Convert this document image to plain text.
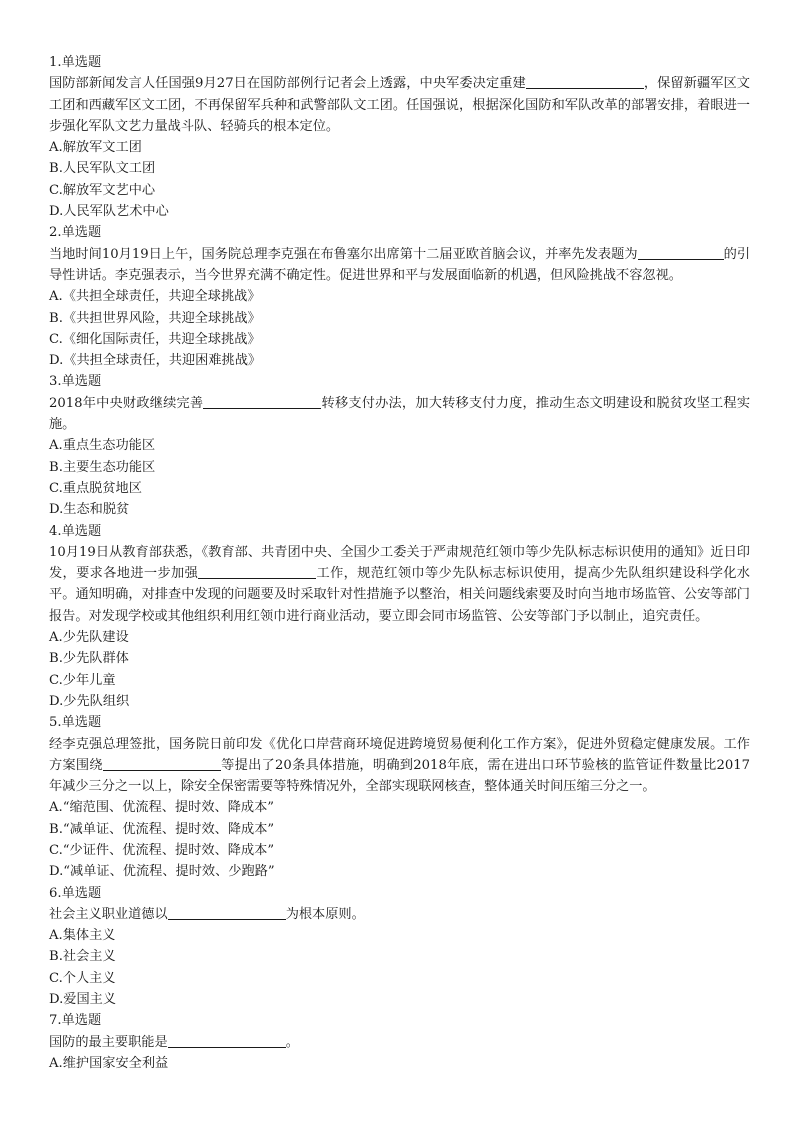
1.单选题

国防部新闻发言人任国强9月27日在国防部例行记者会上透露，中央军委决定重建	，保留新疆军区文工团和西藏军区文工团，不再保留军兵种和武警部队文工团。任国强说，根据深化国防和军队改革的部署安排，着眼进一步强化军队文艺力量战斗队、轻骑兵的根本定位。

A.解放军文工团

B.人民军队文工团

C.解放军文艺中心

D.人民军队艺术中心

2.单选题

当地时间10月19日上午，国务院总理李克强在布鲁塞尔出席第十二届亚欧首脑会议，并率先发表题为	的引导性讲话。李克强表示，当今世界充满不确定性。促进世界和平与发展面临新的机遇，但风险挑战不容忽视。

A.《共担全球责任，共迎全球挑战》

B.《共担世界风险，共迎全球挑战》

C.《细化国际责任，共迎全球挑战》

D.《共担全球责任，共迎困难挑战》

3.单选题

2018年中央财政继续完善	转移支付办法，加大转移支付力度，推动生态文明建设和脱贫攻坚工程实施。

A.重点生态功能区

B.主要生态功能区

C.重点脱贫地区

D.生态和脱贫

4.单选题

10月19日从教育部获悉，《教育部、共青团中央、全国少工委关于严肃规范红领巾等少先队标志标识使用的通知》近日印发，要求各地进一步加强	工作，规范红领巾等少先队标志标识使用，提高少先队组织建设科学化水平。通知明确，对排查中发现的问题要及时采取针对性措施予以整治，相关问题线索要及时向当地市场监管、公安等部门报告。对发现学校或其他组织利用红领巾进行商业活动，要立即会同市场监管、公安等部门予以制止，追究责任。

A.少先队建设

B.少先队群体

C.少年儿童

D.少先队组织

5.单选题

经李克强总理签批，国务院日前印发《优化口岸营商环境促进跨境贸易便利化工作方案》，促进外贸稳定健康发展。工作方案围绕	等提出了20条具体措施，明确到2018年底，需在进出口环节验核的监管证件数量比2017年减少三分之一以上，除安全保密需要等特殊情况外，全部实现联网核查，整体通关时间压缩三分之一。

A.“缩范围、优流程、提时效、降成本”

B.“减单证、优流程、提时效、降成本”

C.“少证件、优流程、提时效、降成本”

D.“减单证、优流程、提时效、少跑路”

6.单选题

社会主义职业道德以	为根本原则。

A.集体主义

B.社会主义

C.个人主义

D.爱国主义

7.单选题

国防的最主要职能是	。

A.维护国家安全利益
